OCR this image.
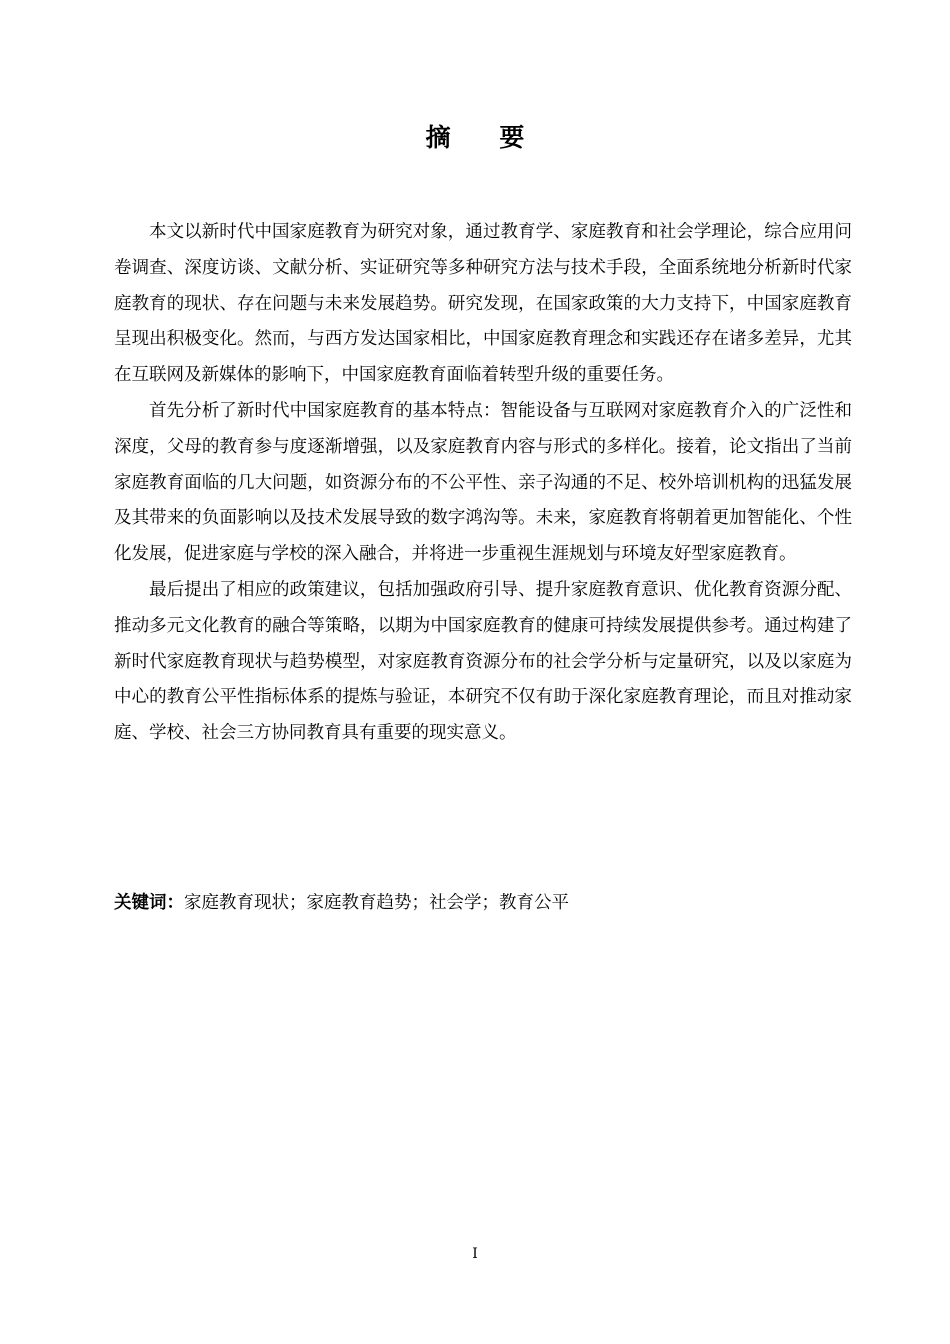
摘 要

本文以新时代中国家庭教育为研究对象，通过教育学、家庭教育和社会学理论，综合应用问卷调查、深度访谈、文献分析、实证研究等多种研究方法与技术手段，全面系统地分析新时代家庭教育的现状、存在问题与未来发展趋势。研究发现，在国家政策的大力支持下，中国家庭教育呈现出积极变化。然而，与西方发达国家相比，中国家庭教育理念和实践还存在诸多差异，尤其在互联网及新媒体的影响下，中国家庭教育面临着转型升级的重要任务。

首先分析了新时代中国家庭教育的基本特点：智能设备与互联网对家庭教育介入的广泛性和深度，父母的教育参与度逐渐增强，以及家庭教育内容与形式的多样化。接着，论文指出了当前家庭教育面临的几大问题，如资源分布的不公平性、亲子沟通的不足、校外培训机构的迅猛发展及其带来的负面影响以及技术发展导致的数字鸿沟等。未来，家庭教育将朝着更加智能化、个性化发展，促进家庭与学校的深入融合，并将进一步重视生涯规划与环境友好型家庭教育。

最后提出了相应的政策建议，包括加强政府引导、提升家庭教育意识、优化教育资源分配、推动多元文化教育的融合等策略，以期为中国家庭教育的健康可持续发展提供参考。通过构建了新时代家庭教育现状与趋势模型，对家庭教育资源分布的社会学分析与定量研究，以及以家庭为中心的教育公平性指标体系的提炼与验证，本研究不仅有助于深化家庭教育理论，而且对推动家庭、学校、社会三方协同教育具有重要的现实意义。

关键词：家庭教育现状；家庭教育趋势；社会学；教育公平
I
